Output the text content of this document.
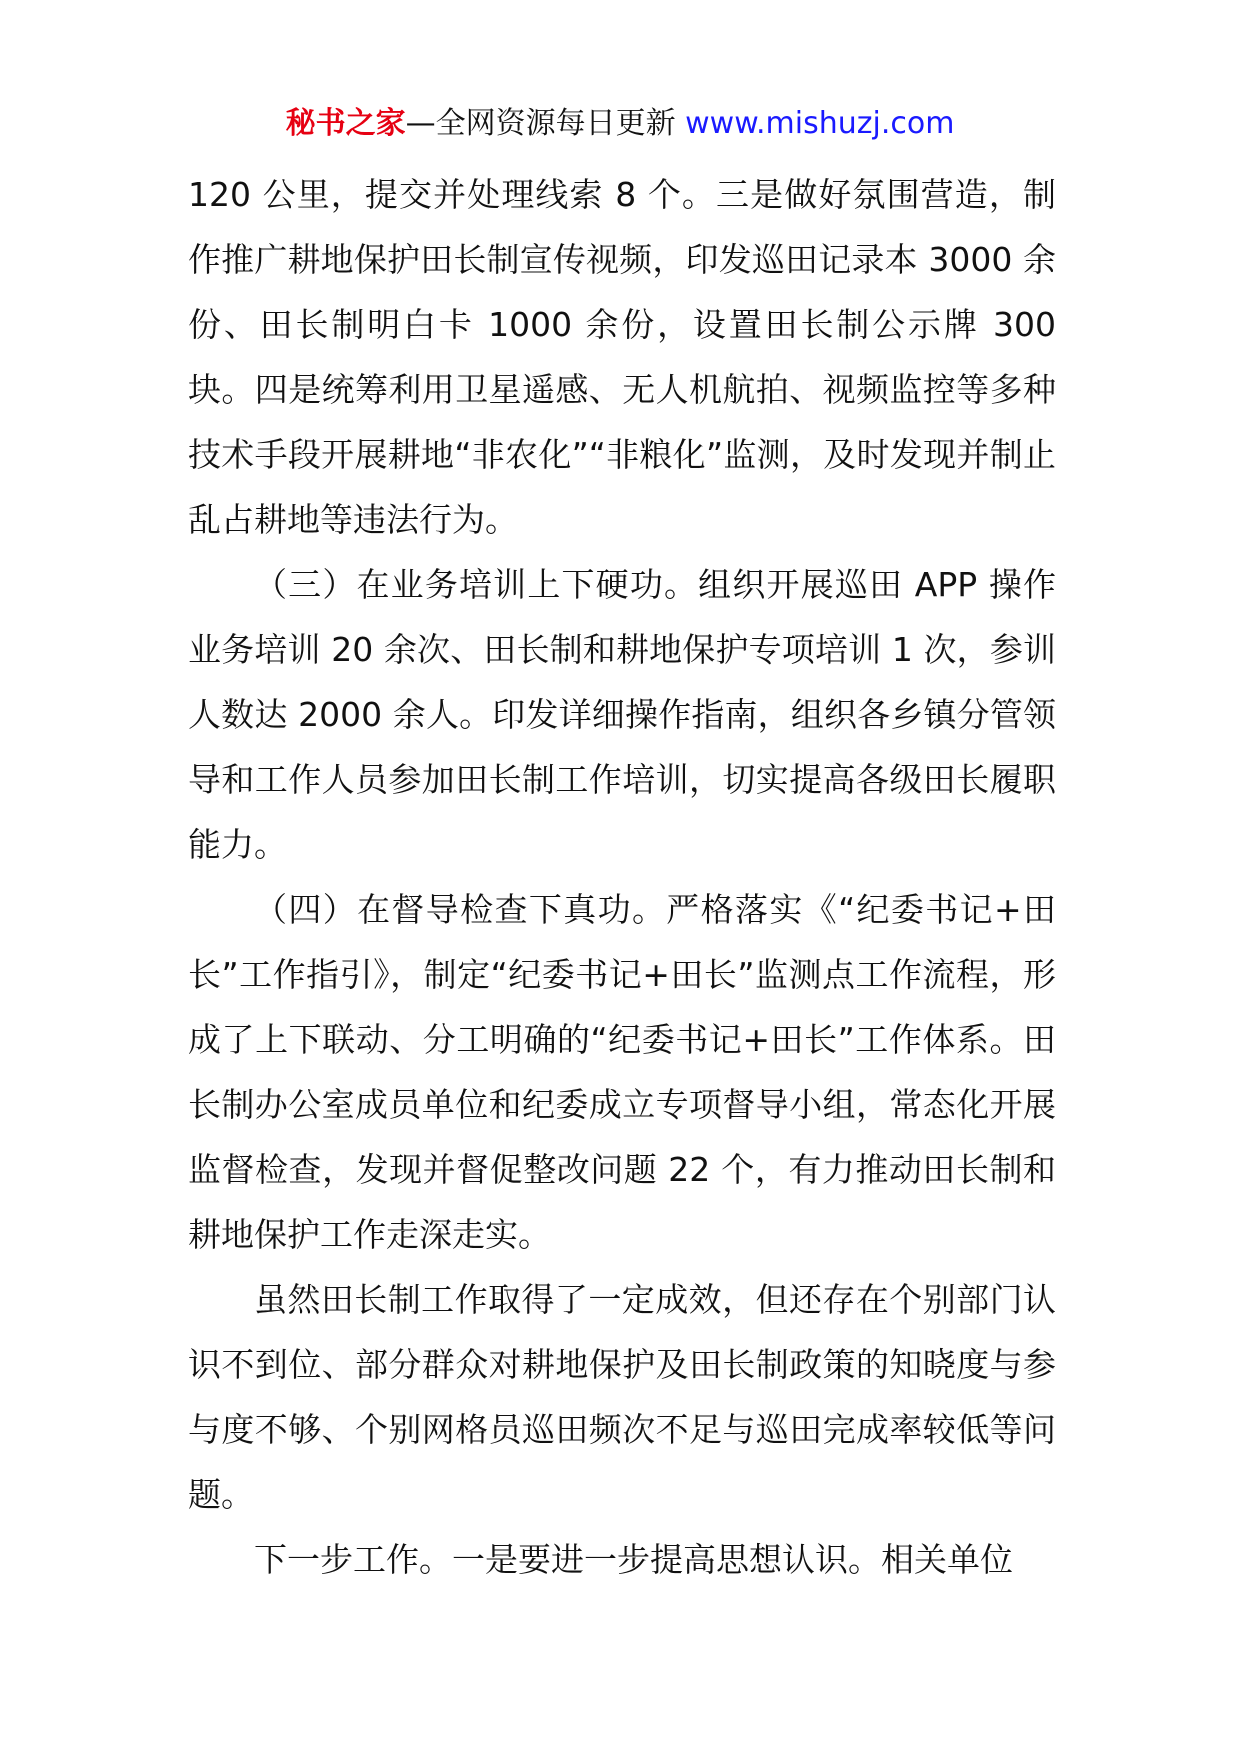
秘书之家—全网资源每日更新 www.mishuzj.com

120 公里，提交并处理线索 8 个。三是做好氛围营造，制作推广耕地保护田长制宣传视频，印发巡田记录本 3000 余份、田长制明白卡 1000 余份，设置田长制公示牌 300 块。四是统筹利用卫星遥感、无人机航拍、视频监控等多种技术手段开展耕地“非农化”“非粮化”监测，及时发现并制止乱占耕地等违法行为。

（三）在业务培训上下硬功。组织开展巡田 APP 操作业务培训 20 余次、田长制和耕地保护专项培训 1 次，参训人数达 2000 余人。印发详细操作指南，组织各乡镇分管领导和工作人员参加田长制工作培训，切实提高各级田长履职能力。

（四）在督导检查下真功。严格落实《“纪委书记+田长”工作指引》，制定“纪委书记+田长”监测点工作流程，形成了上下联动、分工明确的“纪委书记+田长”工作体系。田长制办公室成员单位和纪委成立专项督导小组，常态化开展监督检查，发现并督促整改问题 22 个，有力推动田长制和耕地保护工作走深走实。

虽然田长制工作取得了一定成效，但还存在个别部门认识不到位、部分群众对耕地保护及田长制政策的知晓度与参与度不够、个别网格员巡田频次不足与巡田完成率较低等问题。

下一步工作。一是要进一步提高思想认识。相关单位
